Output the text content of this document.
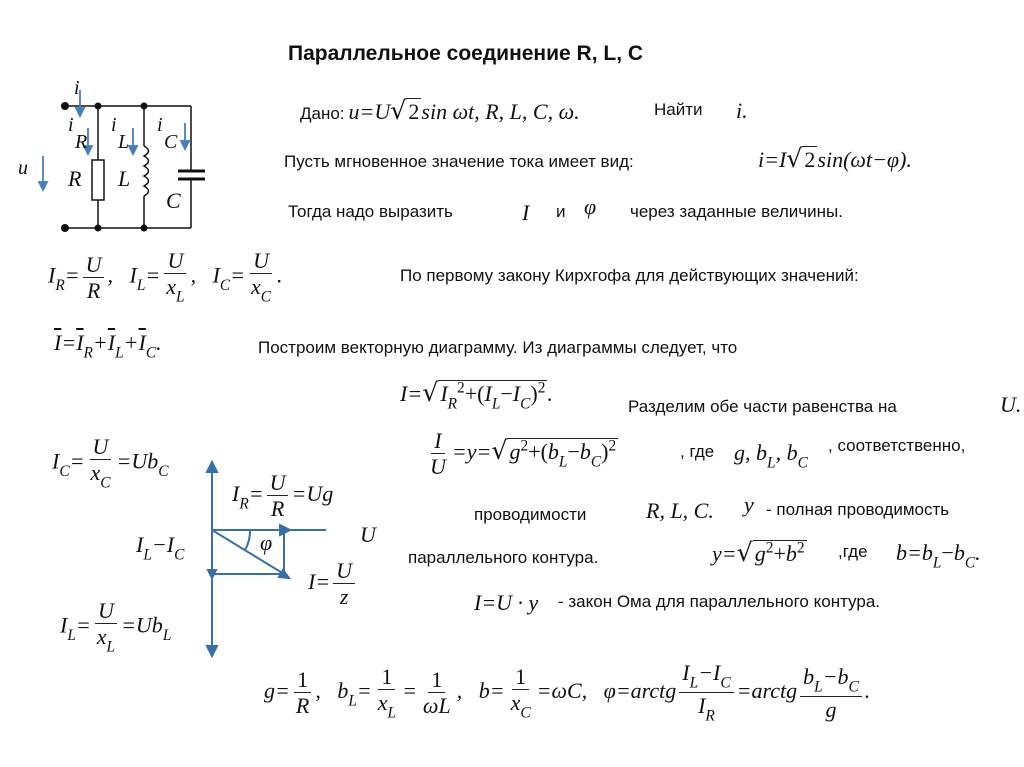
Параллельное соединение R, L, C
i
i
R
i
L
i
C
u R L
C
Дано: u=U√2sin ωt, R, L, C, ω.	Найти i.
Пусть мгновенное значение тока имеет вид:	i=I√2sin(ωt−φ).
Тогда надо выразить	I и φ через заданные величины.
$I_R= \frac{U}{R}$ ,   $I_L= \frac{U}{x_L}$ ,   $I_C= \frac{U}{x_C}$ .	По первому закону Кирхгофа для действующих значений:
$\overline{I}=\overline{I}_R+\overline{I}_L+\overline{I}_C$.	Построим векторную диаграмму. Из диаграммы следует, что
$I=√I_R^2+(I_L-I_C)^2$.
Разделим обе части равенства на	U.
$\frac{I}{U} =y=√g^2+(b_L-b_C)^2$	, где g, $b_L$, $b_C$
, соответственно,
проводимости	R, L, C. y - полная проводимость
параллельного контура.	$y=√g^2+b^2$ ,где $b=b_L-b_C$.
I=U · y - закон Ома для параллельного контура.
$I_C= \frac{U}{x_C} =Ub_C$
$I_R= \frac{U}{R} =Ug$
U
φ
$I_L-I_C$
$I= \frac{U}{z}$
$I_L= \frac{U}{x_L} =Ub_L$
$g= \frac{1}{R}$ , $b_L= \frac{1}{x_L} = \frac{1}{\omega L}$ , $b= \frac{1}{x_C} =\omega C$, φ=arctg $\frac{I_L-I_C}{I_R}$ =arctg $\frac{b_L-b_C}{g}$ .
